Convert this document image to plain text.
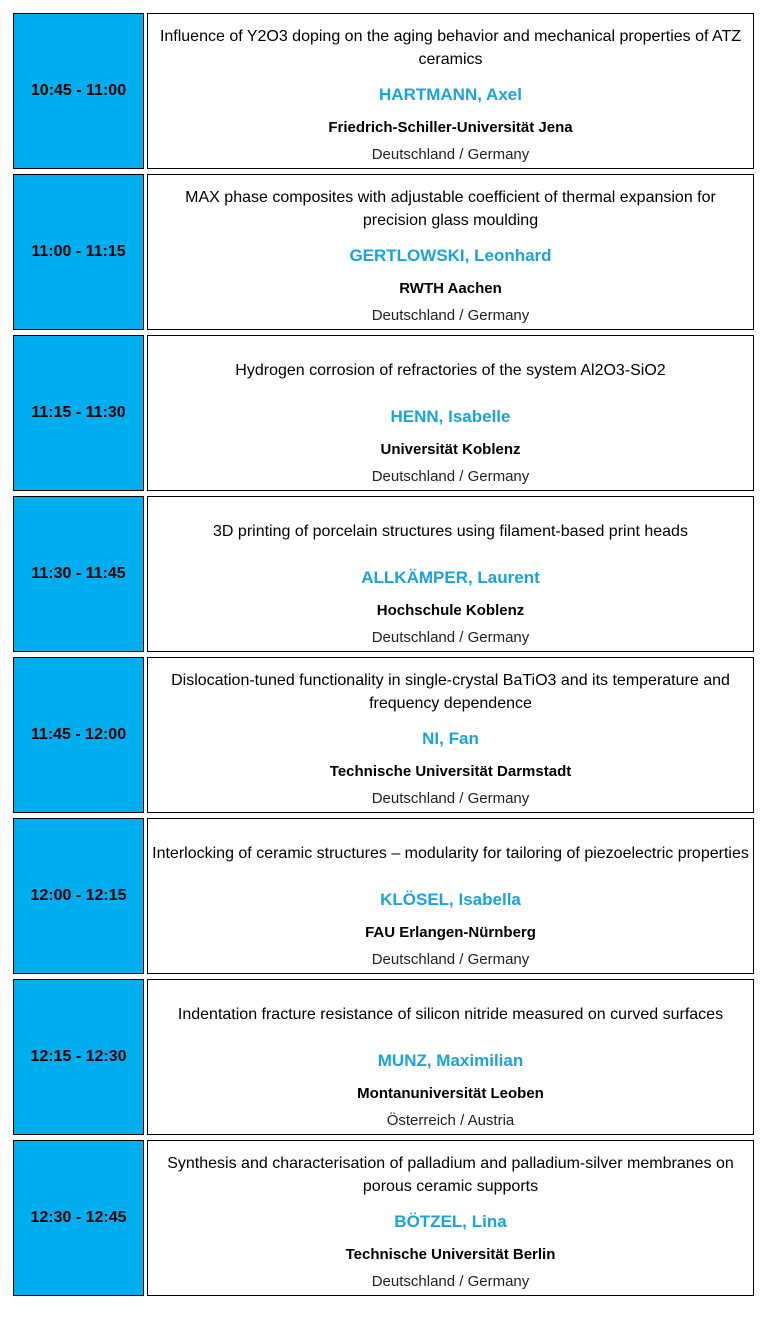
10:45 - 11:00
Influence of Y2O3 doping on the aging behavior and mechanical properties of ATZ ceramics
HARTMANN, Axel
Friedrich-Schiller-Universität Jena
Deutschland / Germany
11:00 - 11:15
MAX phase composites with adjustable coefficient of thermal expansion for precision glass moulding
GERTLOWSKI, Leonhard
RWTH Aachen
Deutschland / Germany
11:15 - 11:30
Hydrogen corrosion of refractories of the system Al2O3-SiO2
HENN, Isabelle
Universität Koblenz
Deutschland / Germany
11:30 - 11:45
3D printing of porcelain structures using filament-based print heads
ALLKÄMPER, Laurent
Hochschule Koblenz
Deutschland / Germany
11:45 - 12:00
Dislocation-tuned functionality in single-crystal BaTiO3 and its temperature and frequency dependence
NI, Fan
Technische Universität Darmstadt
Deutschland / Germany
12:00 - 12:15
Interlocking of ceramic structures – modularity for tailoring of piezoelectric properties
KLÖSEL, Isabella
FAU Erlangen-Nürnberg
Deutschland / Germany
12:15 - 12:30
Indentation fracture resistance of silicon nitride measured on curved surfaces
MUNZ, Maximilian
Montanuniversität Leoben
Österreich / Austria
12:30 - 12:45
Synthesis and characterisation of palladium and palladium-silver membranes on porous ceramic supports
BÖTZEL, Lina
Technische Universität Berlin
Deutschland / Germany
